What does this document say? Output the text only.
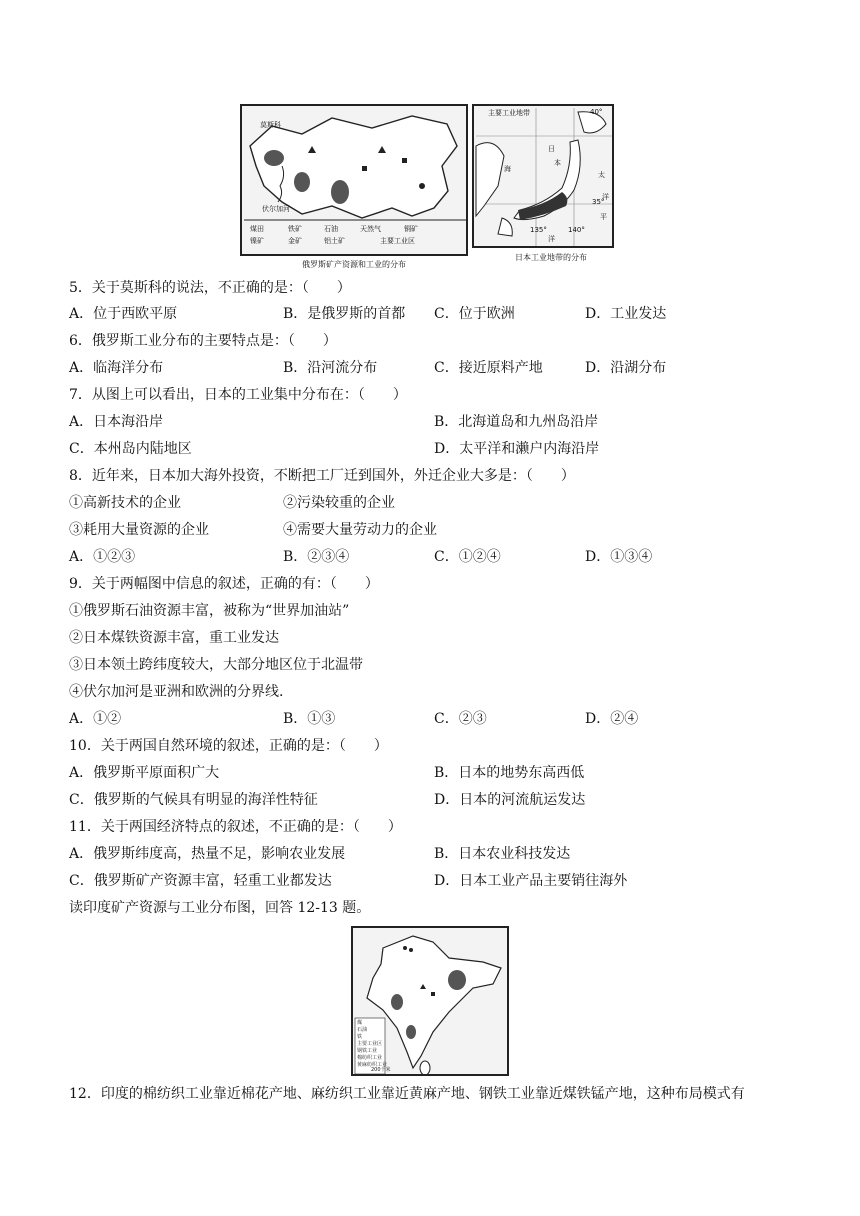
莫斯科
伏尔加河
煤田	铁矿	石油	天然气	铜矿
镍矿	金矿	铝土矿	主要工业区
俄罗斯矿产资源和工业的分布
主要工业地带	40°
35°
135°	140°
海
日
本
太
平
洋
洋
日本工业地带的分布
5．关于莫斯科的说法，不正确的是：（　　）
A．位于西欧平原	B．是俄罗斯的首都 C．位于欧洲	D．工业发达
6．俄罗斯工业分布的主要特点是：（　　）
A．临海洋分布	B．沿河流分布	C．接近原料产地	D．沿湖分布
7．从图上可以看出，日本的工业集中分布在：（　　）
A．日本海沿岸	B．北海道岛和九州岛沿岸
C．本州岛内陆地区	D．太平洋和濑户内海沿岸
8．近年来，日本加大海外投资，不断把工厂迁到国外，外迁企业大多是：（　　）
①高新技术的企业	②污染较重的企业
③耗用大量资源的企业	④需要大量劳动力的企业
A．①②③	B．②③④	C．①②④	D．①③④
9．关于两幅图中信息的叙述，正确的有：（　　）
①俄罗斯石油资源丰富，被称为“世界加油站”
②日本煤铁资源丰富，重工业发达
③日本领土跨纬度较大，大部分地区位于北温带
④伏尔加河是亚洲和欧洲的分界线.
A．①②	B．①③	C．②③	D．②④
10．关于两国自然环境的叙述，正确的是：（　　）
A．俄罗斯平原面积广大	B．日本的地势东高西低
C．俄罗斯的气候具有明显的海洋性特征	D．日本的河流航运发达
11．关于两国经济特点的叙述，不正确的是：（　　）
A．俄罗斯纬度高，热量不足，影响农业发展	B．日本农业科技发达
C．俄罗斯矿产资源丰富，轻重工业都发达	D．日本工业产品主要销往海外
读印度矿产资源与工业分布图，回答 12-13 题。
煤
石油
铁
主要工业区
钢铁工业
棉纺织工业
黄麻纺织工业
200千米
12．印度的棉纺织工业靠近棉花产地、麻纺织工业靠近黄麻产地、钢铁工业靠近煤铁锰产地，这种布局模式有
